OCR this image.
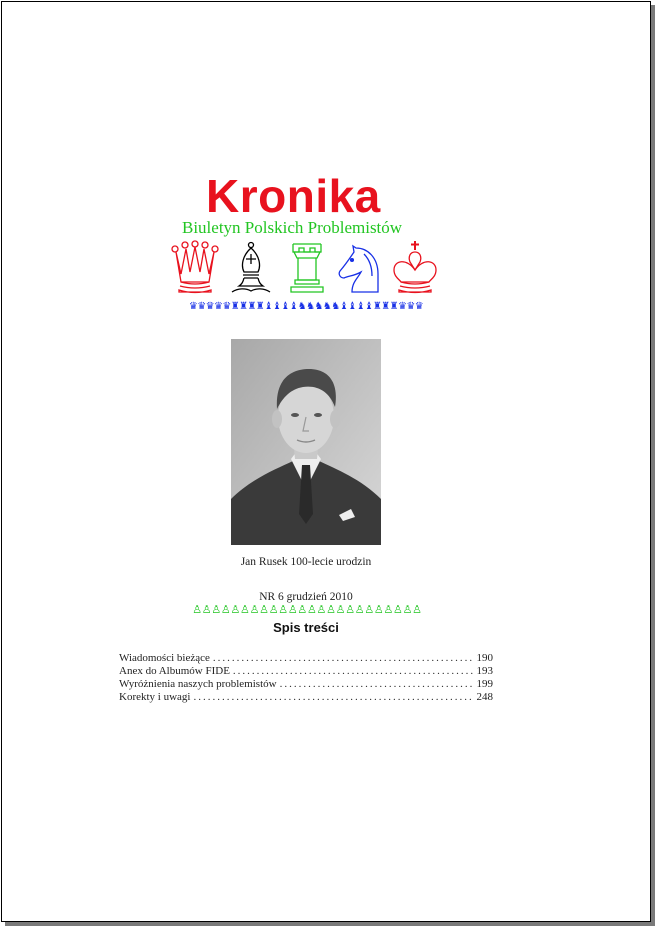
Kronika
Biuletyn Polskich Problemistów
♛♛♛♛♛♜♜♜♜♝♝♝♝♞♞♞♞♞♝♝♝♝♜♜♜♛♛♛
Jan Rusek 100-lecie urodzin
NR 6 grudzień 2010
♙♙♙♙♙♙♙♙♙♙♙♙♙♙♙♙♙♙♙♙♙♙♙♙
Spis treści
Wiadomości bieżące .....	190
Anex do Albumów FIDE .....	193
Wyróżnienia naszych problemistów .....	199
Korekty i uwagi .....	248
